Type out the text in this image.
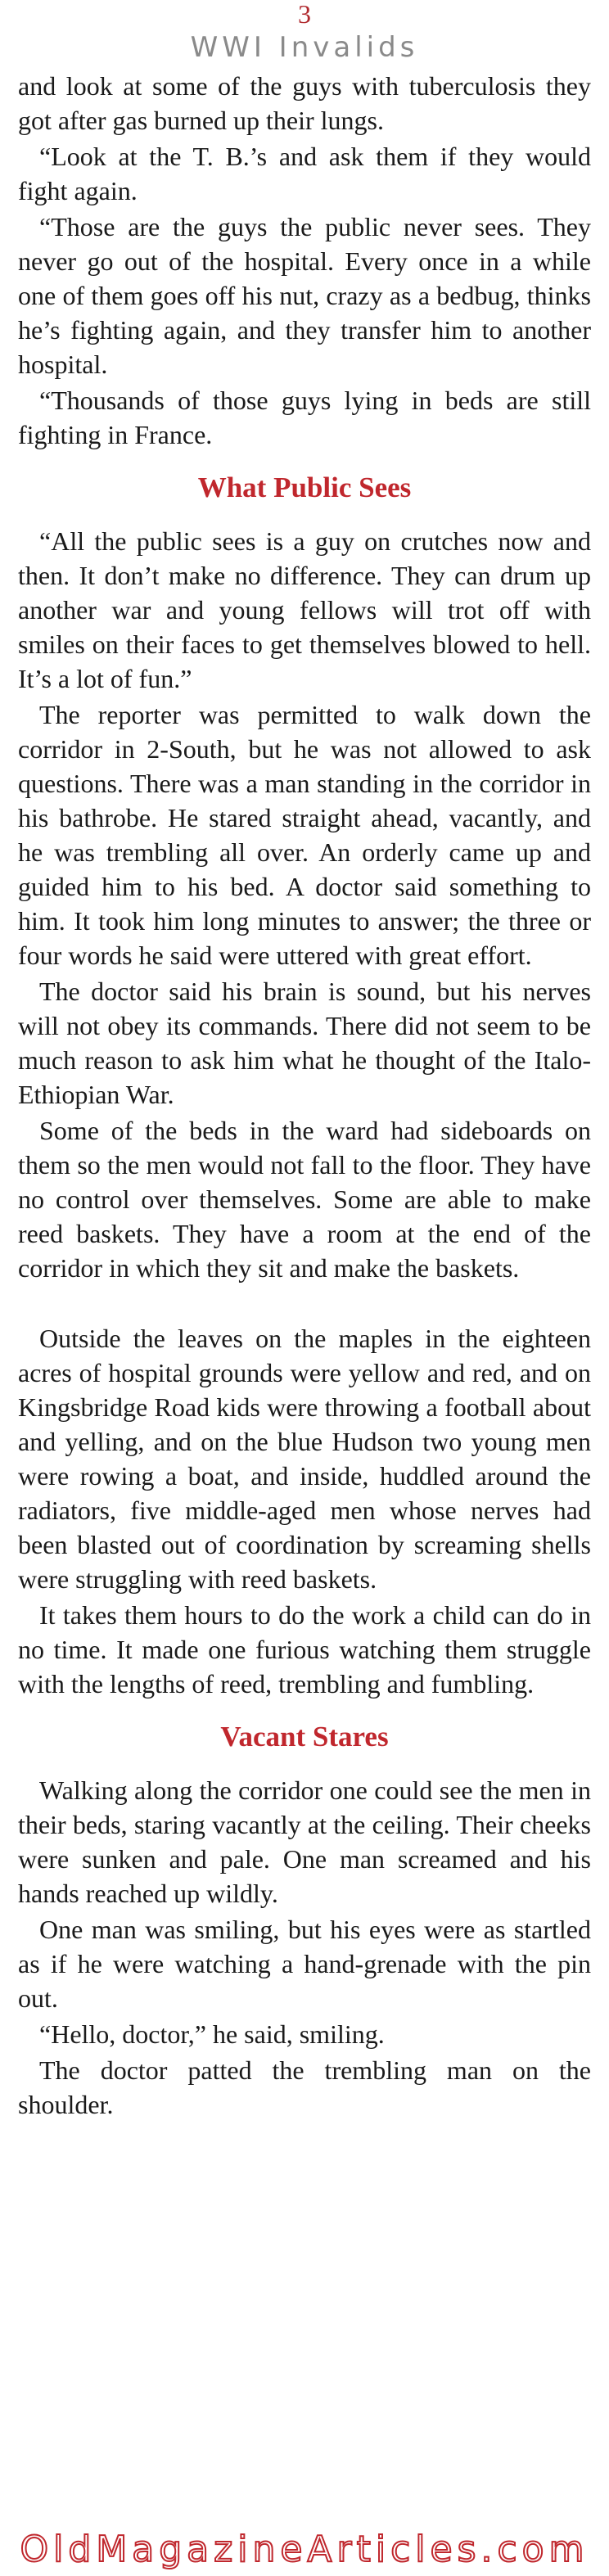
3
WWI Invalids

and look at some of the guys with tuberculosis they got after gas burned up their lungs.

“Look at the T. B.’s and ask them if they would fight again.

“Those are the guys the public never sees. They never go out of the hospital. Every once in a while one of them goes off his nut, crazy as a bedbug, thinks he’s fighting again, and they transfer him to another hospital.

“Thousands of those guys lying in beds are still fighting in France.

What Public Sees

“All the public sees is a guy on crutches now and then. It don’t make no difference. They can drum up another war and young fellows will trot off with smiles on their faces to get themselves blowed to hell. It’s a lot of fun.”

The reporter was permitted to walk down the corridor in 2-South, but he was not allowed to ask questions. There was a man standing in the corridor in his bathrobe. He stared straight ahead, vacantly, and he was trembling all over. An orderly came up and guided him to his bed. A doctor said something to him. It took him long minutes to answer; the three or four words he said were uttered with great effort.

The doctor said his brain is sound, but his nerves will not obey its commands. There did not seem to be much reason to ask him what he thought of the Italo-Ethiopian War.

Some of the beds in the ward had sideboards on them so the men would not fall to the floor. They have no control over themselves. Some are able to make reed baskets. They have a room at the end of the corridor in which they sit and make the baskets.

Outside the leaves on the maples in the eighteen acres of hospital grounds were yellow and red, and on Kingsbridge Road kids were throwing a football about and yelling, and on the blue Hudson two young men were rowing a boat, and inside, huddled around the radiators, five middle-aged men whose nerves had been blasted out of coordination by screaming shells were struggling with reed baskets.

It takes them hours to do the work a child can do in no time. It made one furious watching them struggle with the lengths of reed, trembling and fumbling.

Vacant Stares

Walking along the corridor one could see the men in their beds, staring vacantly at the ceiling. Their cheeks were sunken and pale. One man screamed and his hands reached up wildly.

One man was smiling, but his eyes were as startled as if he were watching a hand-grenade with the pin out.

“Hello, doctor,” he said, smiling.

The doctor patted the trembling man on the shoulder.

OldMagazineArticles.com
